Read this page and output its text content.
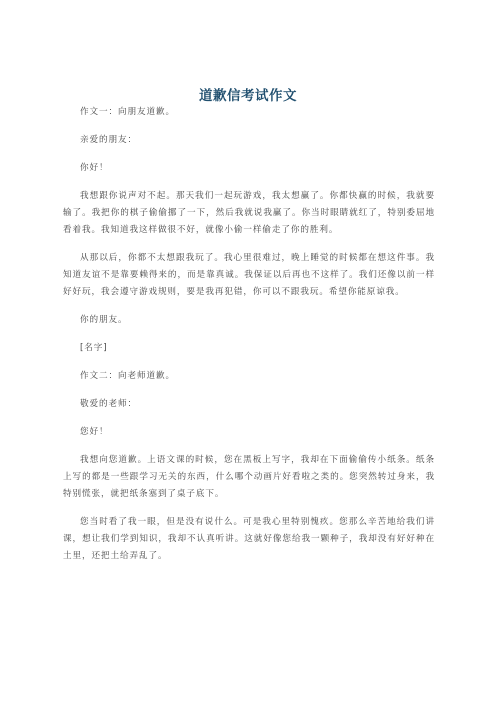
道歉信考试作文

作文一：向朋友道歉。

亲爱的朋友：

你好！

我想跟你说声对不起。那天我们一起玩游戏，我太想赢了。你都快赢的时候，我就要输了。我把你的棋子偷偷挪了一下，然后我就说我赢了。你当时眼睛就红了，特别委屈地看着我。我知道我这样做很不好，就像小偷一样偷走了你的胜利。

从那以后，你都不太想跟我玩了。我心里很难过，晚上睡觉的时候都在想这件事。我知道友谊不是靠要赖得来的，而是靠真诚。我保证以后再也不这样了。我们还像以前一样好好玩，我会遵守游戏规则，要是我再犯错，你可以不跟我玩。希望你能原谅我。

你的朋友。

[名字]

作文二：向老师道歉。

敬爱的老师：

您好！

我想向您道歉。上语文课的时候，您在黑板上写字，我却在下面偷偷传小纸条。纸条上写的都是一些跟学习无关的东西，什么哪个动画片好看啦之类的。您突然转过身来，我特别慌张，就把纸条塞到了桌子底下。

您当时看了我一眼，但是没有说什么。可是我心里特别愧疚。您那么辛苦地给我们讲课，想让我们学到知识，我却不认真听讲。这就好像您给我一颗种子，我却没有好好种在土里，还把土给弄乱了。
